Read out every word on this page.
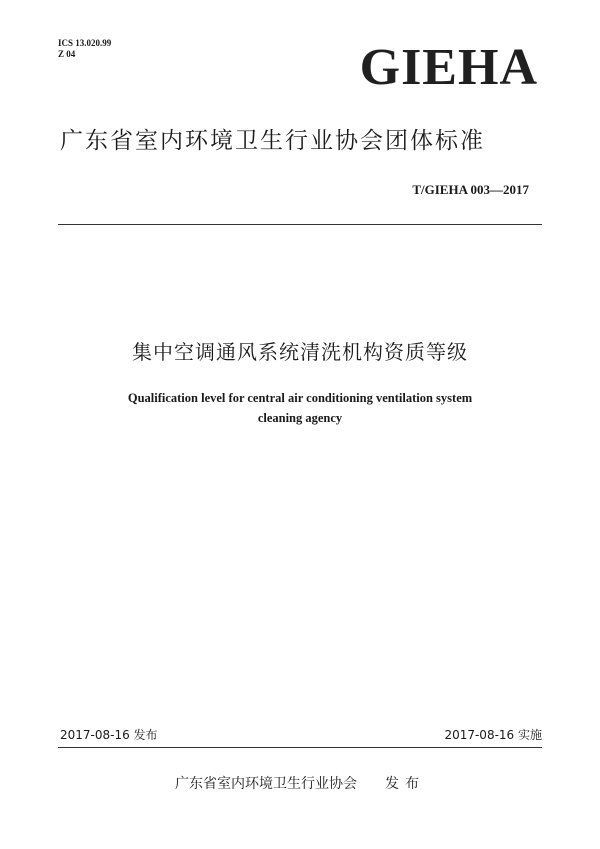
ICS 13.020.99
Z 04	GIEHA
广东省室内环境卫生行业协会团体标准
T/GIEHA 003—2017
集中空调通风系统清洗机构资质等级
Qualification level for central air conditioning ventilation system
cleaning agency
2017-08-16 发布	2017-08-16 实施
广东省室内环境卫生行业协会 发布
